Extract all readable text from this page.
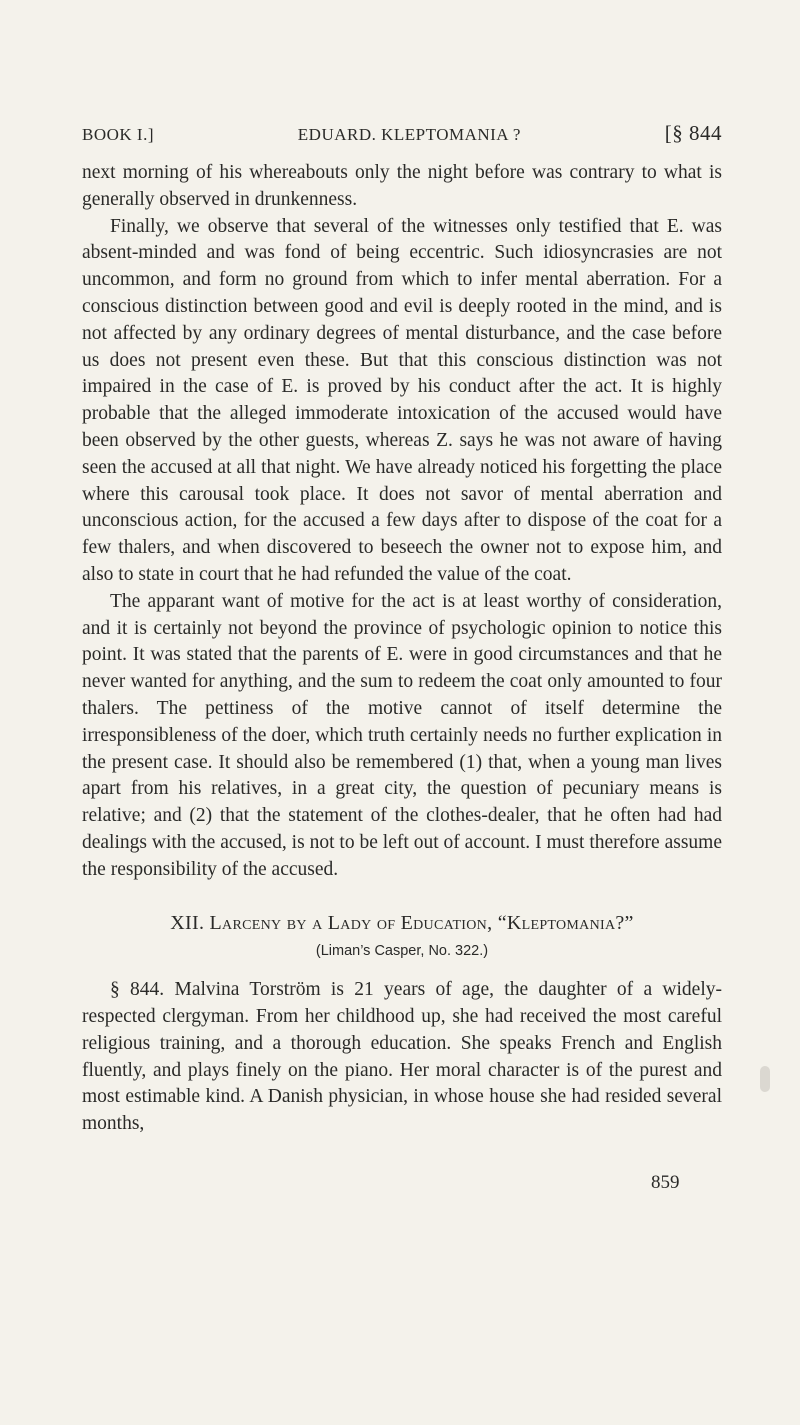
BOOK I.]	EDUARD. KLEPTOMANIA ?	[§ 844

next morning of his whereabouts only the night before was contrary to what is generally observed in drunkenness.

Finally, we observe that several of the witnesses only testified that E. was absent-minded and was fond of being eccentric. Such idiosyncrasies are not uncommon, and form no ground from which to infer mental aberration. For a conscious distinction between good and evil is deeply rooted in the mind, and is not affected by any ordinary degrees of mental disturbance, and the case before us does not present even these. But that this conscious distinction was not impaired in the case of E. is proved by his conduct after the act. It is highly probable that the alleged immoderate intoxication of the accused would have been observed by the other guests, whereas Z. says he was not aware of having seen the accused at all that night. We have already noticed his forgetting the place where this carousal took place. It does not savor of mental aberration and unconscious action, for the accused a few days after to dispose of the coat for a few thalers, and when discovered to beseech the owner not to expose him, and also to state in court that he had refunded the value of the coat.

The apparant want of motive for the act is at least worthy of consideration, and it is certainly not beyond the province of psychologic opinion to notice this point. It was stated that the parents of E. were in good circumstances and that he never wanted for anything, and the sum to redeem the coat only amounted to four thalers. The pettiness of the motive cannot of itself determine the irresponsibleness of the doer, which truth certainly needs no further explication in the present case. It should also be remembered (1) that, when a young man lives apart from his relatives, in a great city, the question of pecuniary means is relative; and (2) that the statement of the clothes-dealer, that he often had had dealings with the accused, is not to be left out of account. I must therefore assume the responsibility of the accused.

XII. Larceny by a Lady of Education, “Kleptomania?”

(Liman’s Casper, No. 322.)

§ 844. Malvina Torström is 21 years of age, the daughter of a widely-respected clergyman. From her childhood up, she had received the most careful religious training, and a thorough education. She speaks French and English fluently, and plays finely on the piano. Her moral character is of the purest and most estimable kind. A Danish physician, in whose house she had resided several months,

859
